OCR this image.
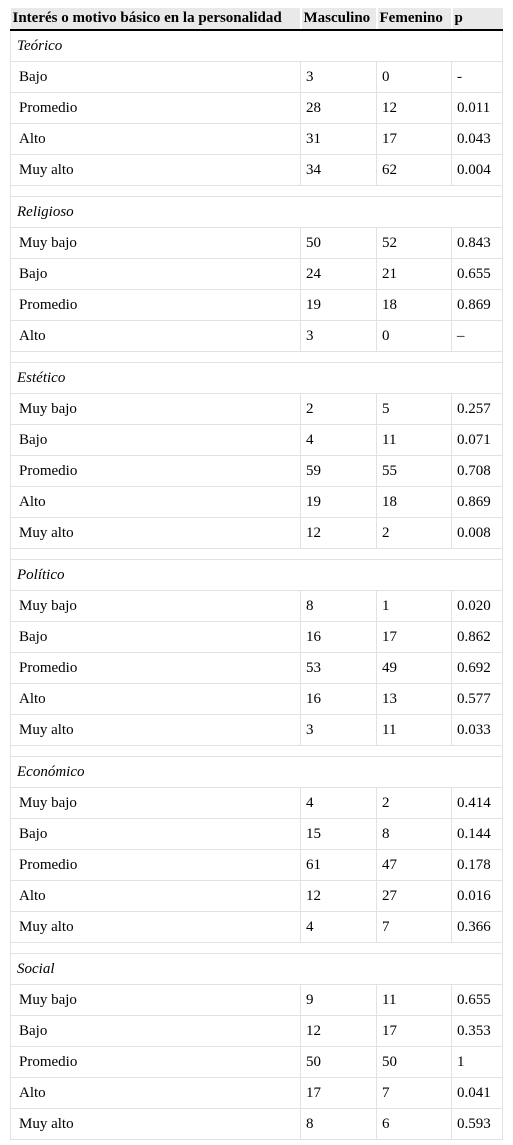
Interés o motivo básico en la personalidad	Masculino	Femenino	p
Teórico			
Bajo	3	0	-
Promedio	28	12	0.011
Alto	31	17	0.043
Muy alto	34	62	0.004

Religioso			
Muy bajo	50	52	0.843
Bajo	24	21	0.655
Promedio	19	18	0.869
Alto	3	0	–

Estético			
Muy bajo	2	5	0.257
Bajo	4	11	0.071
Promedio	59	55	0.708
Alto	19	18	0.869
Muy alto	12	2	0.008

Político			
Muy bajo	8	1	0.020
Bajo	16	17	0.862
Promedio	53	49	0.692
Alto	16	13	0.577
Muy alto	3	11	0.033

Económico			
Muy bajo	4	2	0.414
Bajo	15	8	0.144
Promedio	61	47	0.178
Alto	12	27	0.016
Muy alto	4	7	0.366

Social			
Muy bajo	9	11	0.655
Bajo	12	17	0.353
Promedio	50	50	1
Alto	17	7	0.041
Muy alto	8	6	0.593
